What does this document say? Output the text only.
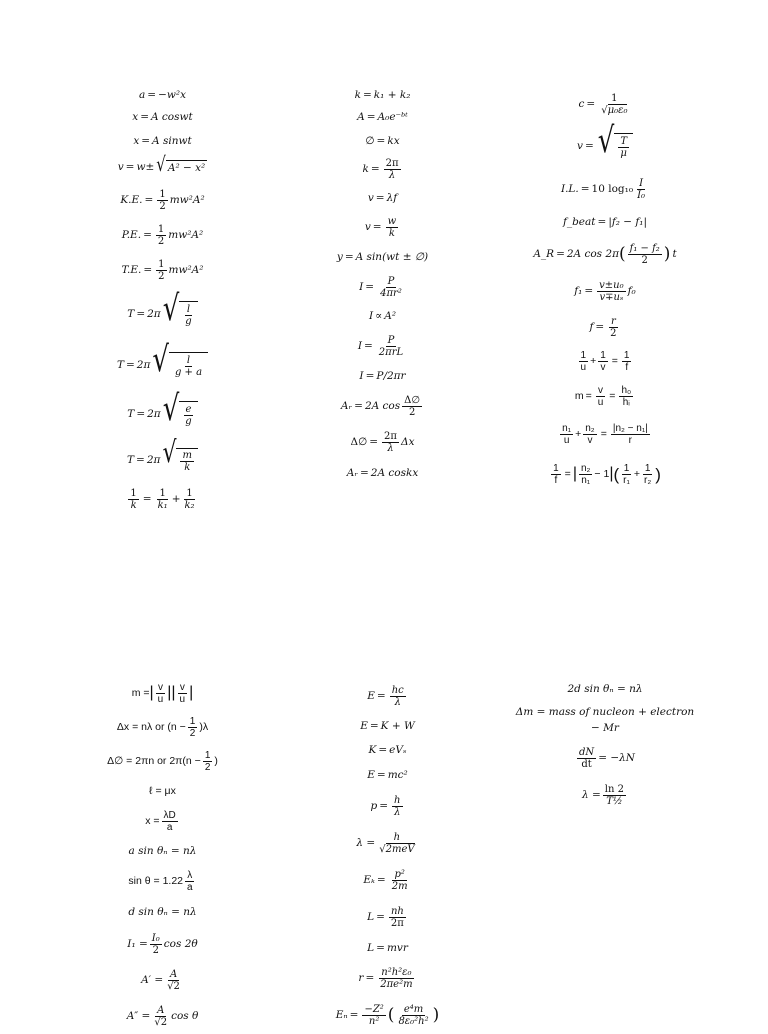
a = − w²x
x = A coswt
x = A sinwt
v = w ± √ A² − x²
K.E. = $\frac{1}{2} mw^2A^2$
P.E. = $\frac{1}{2} mw^2A^2$
T.E. = $\frac{1}{2} mw^2A^2$
T = 2π √ $\frac{l}{g}$
T = 2π √ $\frac{l}{g + a}$
T = 2π √ $\frac{e}{g}$
T = 2π √ $\frac{m}{k}$
$\frac{1}{k} = \frac{1}{\text{k₁}} + \frac{1}{\text{k₂}}$
k = k₁ + k₂
A = A₀e⁻ᵇᵗ
∅ = kx
$k = \frac{2\pi}{\lambda}$
v = λf
$v = \frac{w}{k}$
y = A sin(wt ± ∅)
$I = \frac{P}{\text{4πr²}}$
I ∝ A²
$I = \frac{P}{\text{2πrL}}$
I = P/2πr
Aᵣ = 2A $\cos \frac{\Delta\emptyset}{2}$
Δ∅ = $\frac{2\pi}{\lambda}$ Δx
Aᵣ = 2A coskx
$c = \frac{1}{\text{√μ₀ε₀}}$
v = √ $\frac{T}{\mu}$
I.L. = 10 $\log_{10} \frac{I}{\text{I₀}}$
f_beat = |f₂ − f₁|
A_R = 2A cos 2π ( $\frac{\text{f₁ − f₂}}{2}$ ) t
$f_1 = \frac{\text{v±u₀}}{\text{v∓uₛ}} f_0$
$f = \frac{r}{2}$
$\frac{1}{u} + \frac{1}{v} = \frac{1}{f}$
$m = \frac{v}{u} = \frac{\text{h₀}}{\text{hᵢ}}$
$\frac{\text{n₁}}{u} + \frac{\text{n₂}}{v} = \frac{\text{|n₂ − n₁|}}{r}$
$\frac{1}{f}$ = | $\frac{\text{n₂}}{\text{n₁}} - 1$ | ( $\frac{1}{\text{r₁}} + \frac{1}{\text{r₂}}$ )
m = | $\frac{v}{u}$ | | $\frac{v}{u}$ |
Δx = nλ or $(n - \frac{1}{2} )\lambda$
Δ∅ = 2πn or $2\pi(n - \frac{1}{2}$ )
ℓ = μx
$x = \frac{\lambda D}{a}$
a sin θₙ = nλ
$\sin \theta = 1.22 \frac{\lambda}{a}$
d sin θₙ = nλ
$I_1 = \frac{\text{I₀}}{2}$ cos 2θ
$A' = \frac{A}{√2}$
$A'' = \frac{A}{√2}$ cos θ
$E = \frac{hc}{\lambda}$
E = K + W
K = eVₛ
E = mc²
$p = \frac{h}{\lambda}$
$\lambda = \frac{h}{\text{√2meV}}$
$E_k = \frac{\text{p²}}{2m}$
$L = \frac{nh}{2\pi}$
L = mvr
$r = \frac{\text{n²h²ε₀}}{\text{2πe²m}}$
$E_n = \frac{\text{−Z²}}{\text{n²}}$ ( $\frac{\text{e⁴m}}{\text{8ε₀²h²}}$ )
2d sin θₙ = nλ
Δm = mass of nucleon + electron
− Mr
$\frac{dN}{dt} = -\lambda N$
$\lambda = \frac{\ln 2}{\text{T½}}$
